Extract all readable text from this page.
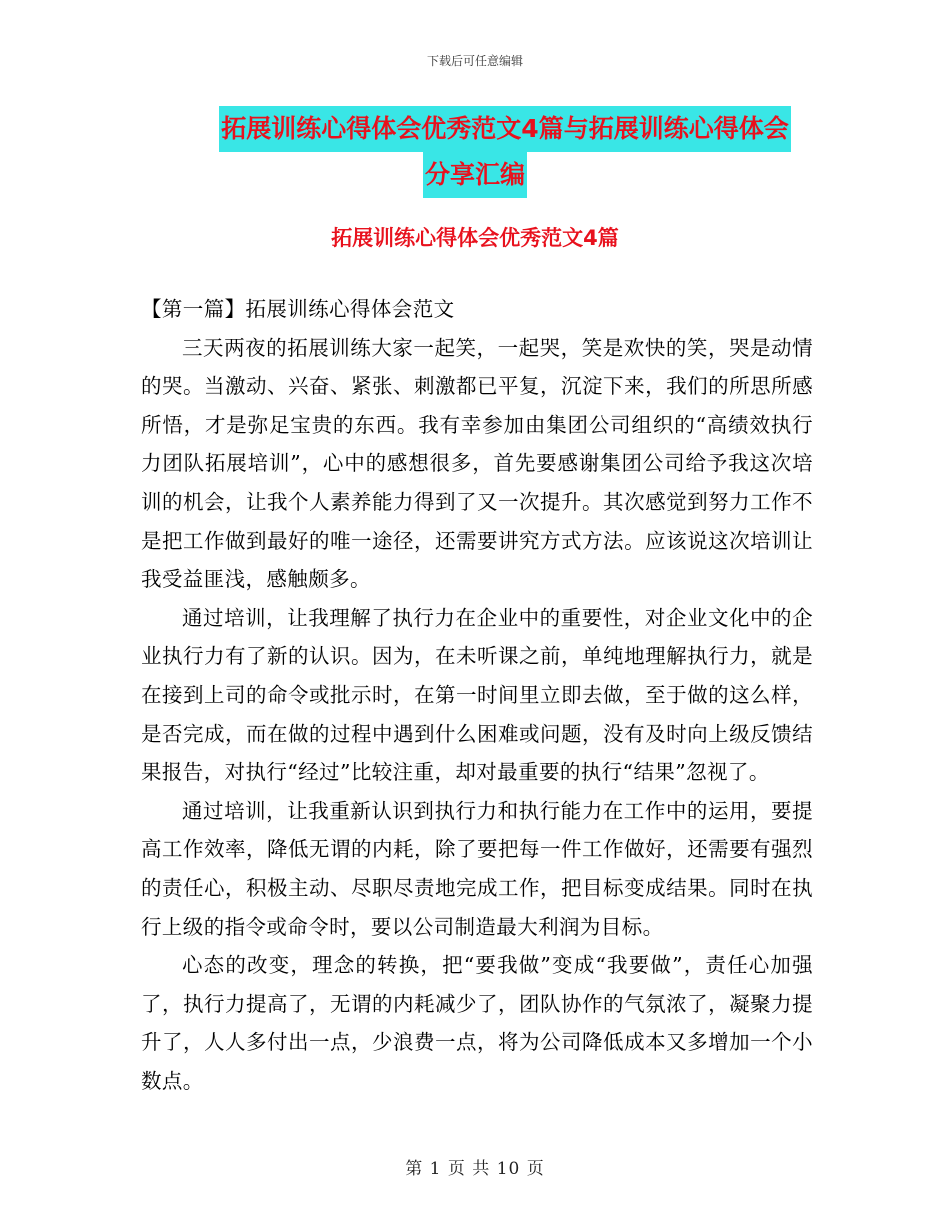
下载后可任意编辑
拓展训练心得体会优秀范文4篇与拓展训练心得体会
分享汇编
拓展训练心得体会优秀范文4篇

【第一篇】拓展训练心得体会范文

三天两夜的拓展训练大家一起笑，一起哭，笑是欢快的笑，哭是动情的哭。当激动、兴奋、紧张、刺激都已平复，沉淀下来，我们的所思所感所悟，才是弥足宝贵的东西。我有幸参加由集团公司组织的“高绩效执行力团队拓展培训”，心中的感想很多，首先要感谢集团公司给予我这次培训的机会，让我个人素养能力得到了又一次提升。其次感觉到努力工作不是把工作做到最好的唯一途径，还需要讲究方式方法。应该说这次培训让我受益匪浅，感触颇多。

通过培训，让我理解了执行力在企业中的重要性，对企业文化中的企业执行力有了新的认识。因为，在未听课之前，单纯地理解执行力，就是在接到上司的命令或批示时，在第一时间里立即去做，至于做的这么样，是否完成，而在做的过程中遇到什么困难或问题，没有及时向上级反馈结果报告，对执行“经过”比较注重，却对最重要的执行“结果”忽视了。

通过培训，让我重新认识到执行力和执行能力在工作中的运用，要提高工作效率，降低无谓的内耗，除了要把每一件工作做好，还需要有强烈的责任心，积极主动、尽职尽责地完成工作，把目标变成结果。同时在执行上级的指令或命令时，要以公司制造最大利润为目标。

心态的改变，理念的转换，把“要我做”变成“我要做”，责任心加强了，执行力提高了，无谓的内耗减少了，团队协作的气氛浓了，凝聚力提升了，人人多付出一点，少浪费一点，将为公司降低成本又多增加一个小数点。

第 1 页 共 10 页
